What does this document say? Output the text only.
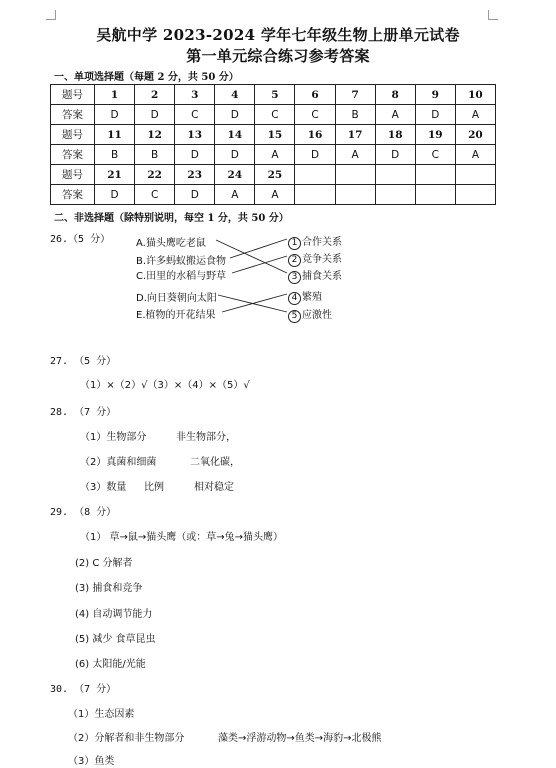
吴航中学 2023-2024 学年七年级生物上册单元试卷
第一单元综合练习参考答案
一、单项选择题（每题 2 分，共 50 分）
题号	1	2	3	4	5	6	7	8	9	10
答案	D	D	C	D	C	C	B	A	D	A
题号	11	12	13	14	15	16	17	18	19	20
答案	B	B	D	D	A	D	A	D	C	A
题号	21	22	23	24	25					
答案	D	C	D	A	A					
二、非选择题（除特别说明，每空 1 分，共 50 分）
26.（5 分）	A.猫头鹰吃老鼠
B.许多蚂蚁搬运食物
C.田里的水稻与野草
D.向日葵朝向太阳
E.植物的开花结果
1 合作关系
2 竞争关系
3 捕食关系
4 繁殖
5 应激性
27. （5 分）
（1）×（2）√（3）×（4）×（5）√
28. （7 分）
（1）生物部分	非生物部分，
（2）真菌和细菌	二氧化碳，
（3）数量 比例	相对稳定
29. （8 分）
（1） 草→鼠→猫头鹰（或：草→兔→猫头鹰）
(2) C 分解者
(3) 捕食和竞争
(4) 自动调节能力
(5) 减少 食草昆虫
(6) 太阳能/光能
30. （7 分）
（1）生态因素
（2）分解者和非生物部分	藻类→浮游动物→鱼类→海豹→北极熊
（3）鱼类
